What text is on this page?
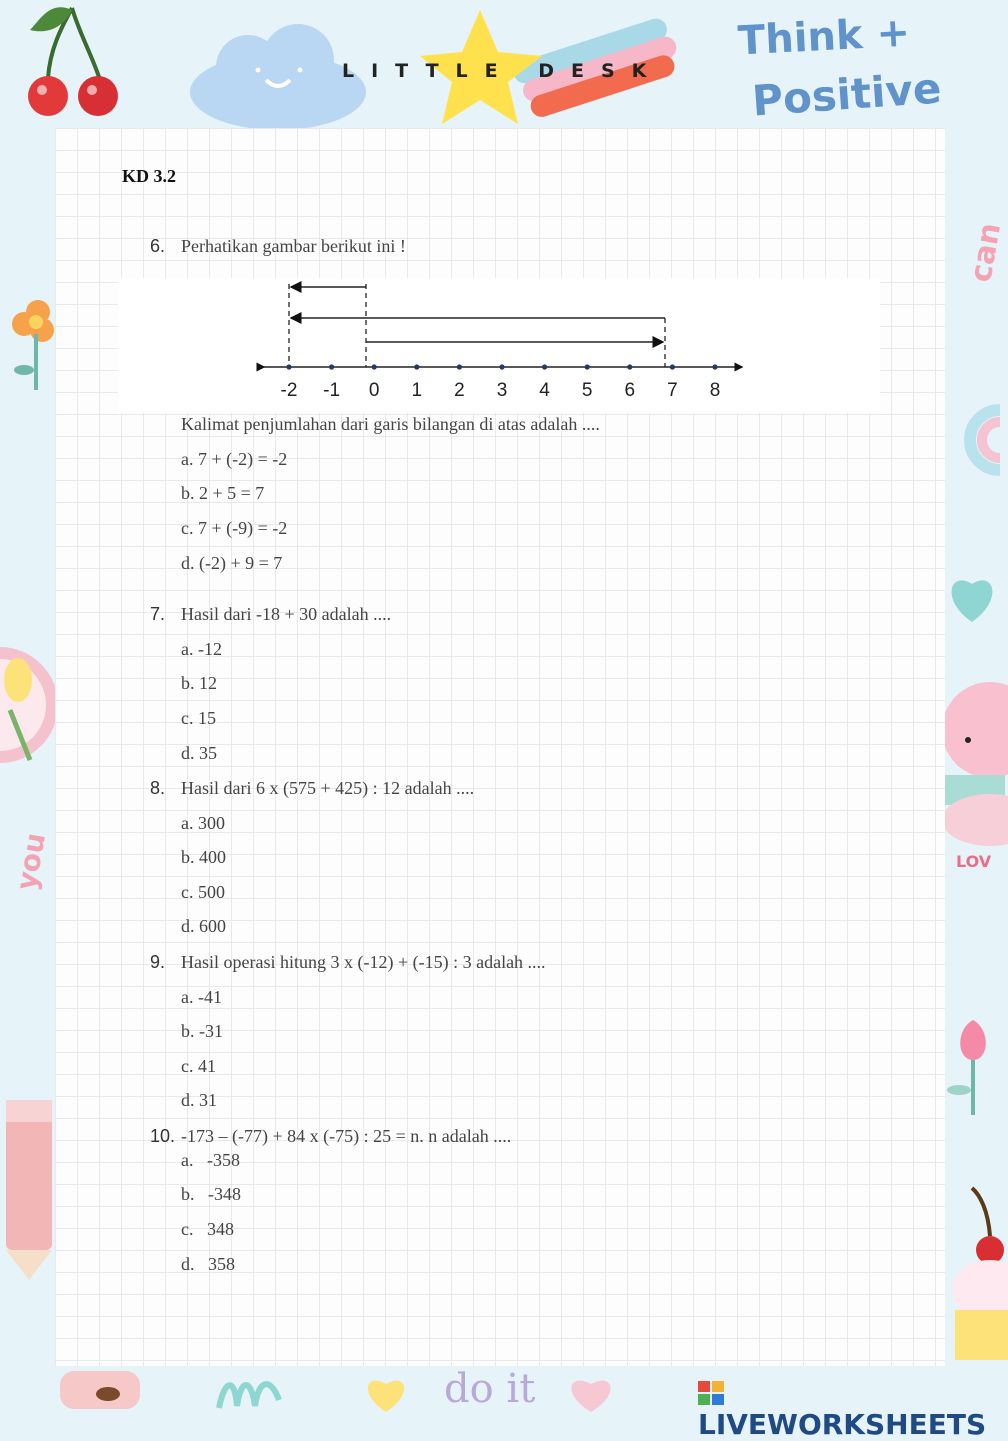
Think +
Positive
LITTLE DESK
can
you	LOV
KD 3.2
6. Perhatikan gambar berikut ini !
-2 -1 0 1 2 3 4 5 6 7 8
Kalimat penjumlahan dari garis bilangan di atas adalah ....
a. 7 + (-2) = -2
b. 2 + 5 = 7
c. 7 + (-9) = -2
d. (-2) + 9 = 7
7. Hasil dari -18 + 30 adalah ....
a. -12
b. 12
c. 15
d. 35
8. Hasil dari 6 x (575 + 425) : 12 adalah ....
a. 300
b. 400
c. 500
d. 600
9. Hasil operasi hitung 3 x (-12) + (-15) : 3 adalah ....
a. -41
b. -31
c. 41
d. 31
10. -173 – (-77) + 84 x (-75) : 25 = n. n adalah ....
a.   -358
b.   -348
c.   348
d.   358
do it
LIVEWORKSHEETS
